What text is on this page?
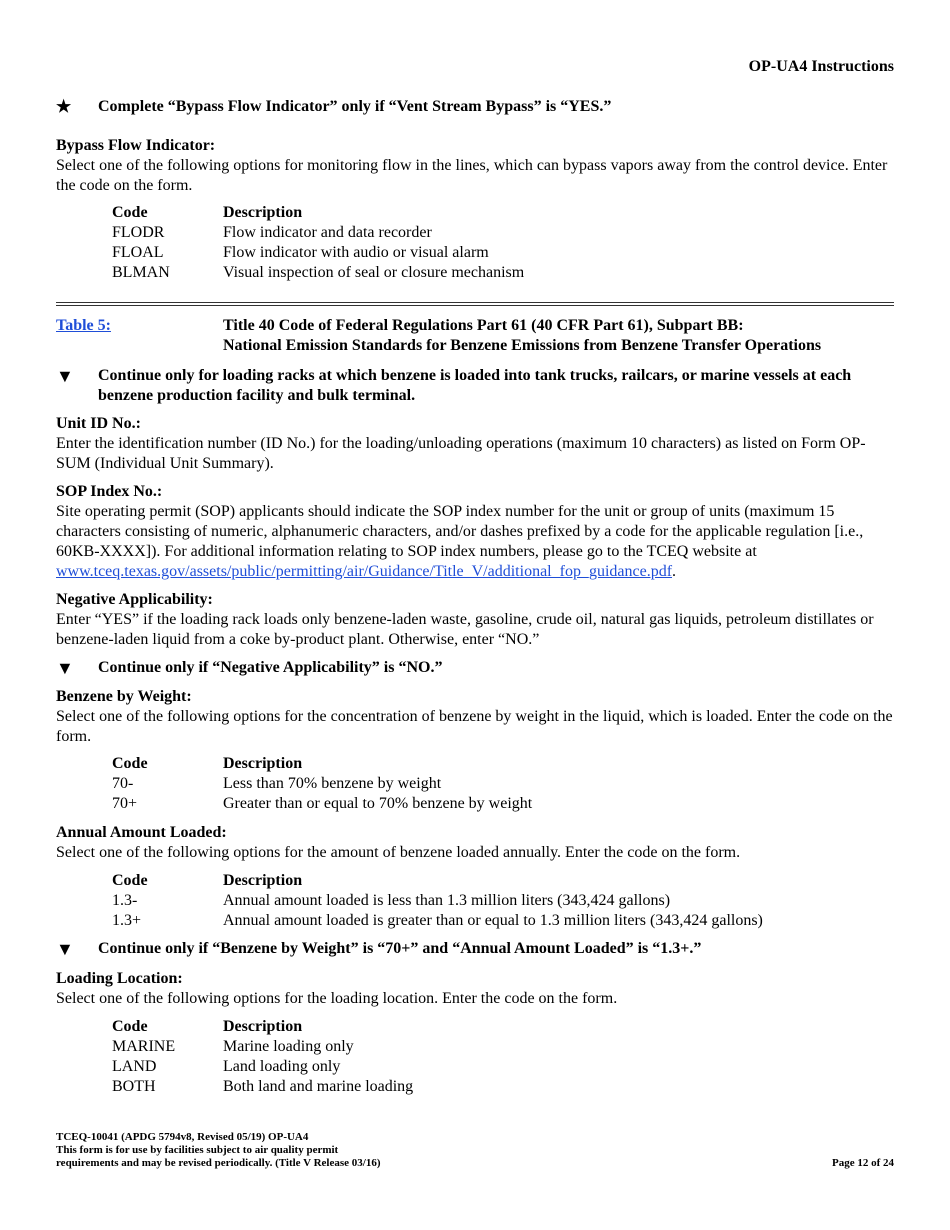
OP-UA4 Instructions
★	Complete “Bypass Flow Indicator” only if “Vent Stream Bypass” is “YES.”
Bypass Flow Indicator:

Select one of the following options for monitoring flow in the lines, which can bypass vapors away from the control device. Enter the code on the form.

Code	Description
FLODR	Flow indicator and data recorder
FLOAL	Flow indicator with audio or visual alarm
BLMAN	Visual inspection of seal or closure mechanism
Table 5:	Title 40 Code of Federal Regulations Part 61 (40 CFR Part 61), Subpart BB:
National Emission Standards for Benzene Emissions from Benzene Transfer Operations
▼	Continue only for loading racks at which benzene is loaded into tank trucks, railcars, or marine vessels at each benzene production facility and bulk terminal.
Unit ID No.:

Enter the identification number (ID No.) for the loading/unloading operations (maximum 10 characters) as listed on Form OP-SUM (Individual Unit Summary).

SOP Index No.:

Site operating permit (SOP) applicants should indicate the SOP index number for the unit or group of units (maximum 15 characters consisting of numeric, alphanumeric characters, and/or dashes prefixed by a code for the applicable regulation [i.e., 60KB-XXXX]). For additional information relating to SOP index numbers, please go to the TCEQ website at www.tceq.texas.gov/assets/public/permitting/air/Guidance/Title_V/additional_fop_guidance.pdf.

Negative Applicability:

Enter “YES” if the loading rack loads only benzene-laden waste, gasoline, crude oil, natural gas liquids, petroleum distillates or benzene-laden liquid from a coke by-product plant. Otherwise, enter “NO.”

▼	Continue only if “Negative Applicability” is “NO.”
Benzene by Weight:

Select one of the following options for the concentration of benzene by weight in the liquid, which is loaded. Enter the code on the form.

Code	Description
70-	Less than 70% benzene by weight
70+	Greater than or equal to 70% benzene by weight
Annual Amount Loaded:

Select one of the following options for the amount of benzene loaded annually. Enter the code on the form.

Code	Description
1.3-	Annual amount loaded is less than 1.3 million liters (343,424 gallons)
1.3+	Annual amount loaded is greater than or equal to 1.3 million liters (343,424 gallons)
▼	Continue only if “Benzene by Weight” is “70+” and “Annual Amount Loaded” is “1.3+.”
Loading Location:

Select one of the following options for the loading location. Enter the code on the form.

Code	Description
MARINE	Marine loading only
LAND	Land loading only
BOTH	Both land and marine loading
TCEQ-10041 (APDG 5794v8, Revised 05/19) OP-UA4
This form is for use by facilities subject to air quality permit
requirements and may be revised periodically. (Title V Release 03/16)	Page 12 of 24
